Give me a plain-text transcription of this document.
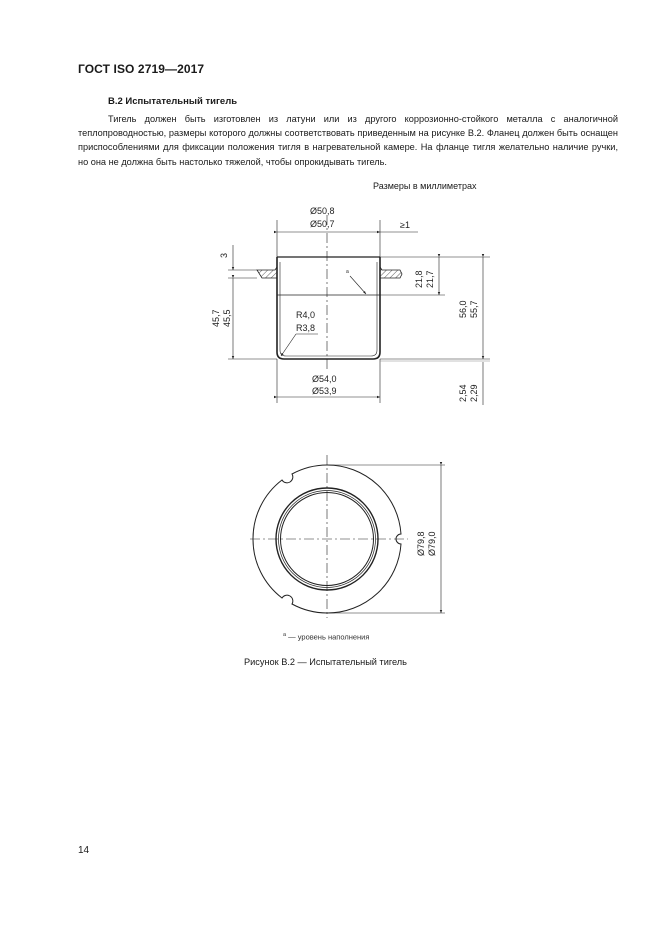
ГОСТ ISO 2719—2017
B.2 Испытательный тигель
Тигель должен быть изготовлен из латуни или из другого коррозионно-стойкого металла с аналогичной теплопроводностью, размеры которого должны соответствовать приведенным на рисунке B.2. Фланец должен быть оснащен приспособлениями для фиксации положения тигля в нагревательной камере. На фланце тигля желательно наличие ручки, но она не должна быть настолько тяжелой, чтобы опрокидывать тигель.
Размеры в миллиметрах
Ø50,8
Ø50,7	≥1
3
21,8 21,7
56,0 55,7
45,7 45,5	R4,0
R3,8
Ø54,0
Ø53,9	2,54 2,29
a
Ø79,8 Ø79,0
$^a$ — уровень наполнения
Рисунок B.2 — Испытательный тигель
14
